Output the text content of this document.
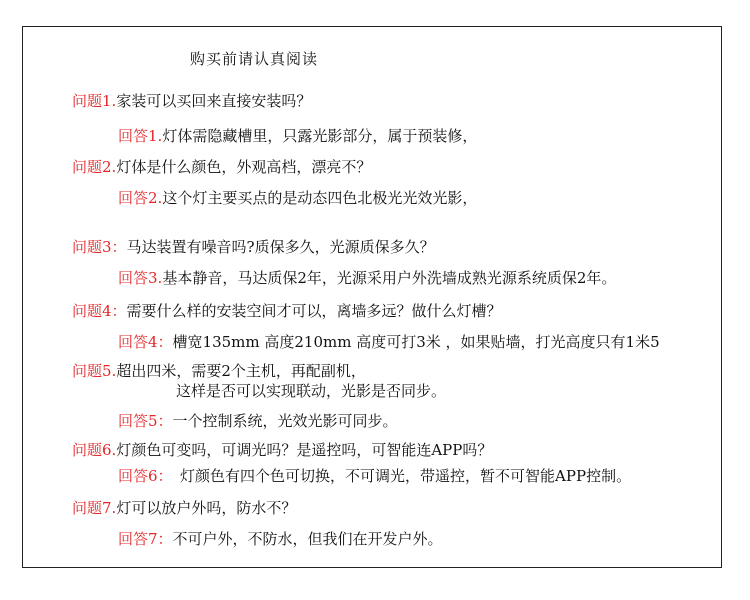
购买前请认真阅读
问题1.家装可以买回来直接安装吗？
回答1.灯体需隐藏槽里，只露光影部分，属于预装修，
问题2.灯体是什么颜色，外观高档，漂亮不？
回答2.这个灯主要买点的是动态四色北极光光效光影，
问题3：马达装置有噪音吗?质保多久，光源质保多久？
回答3.基本静音，马达质保2年，光源采用户外洗墙成熟光源系统质保2年。
问题4：需要什么样的安装空间才可以，离墙多远？做什么灯槽？
回答4：槽宽135mm 高度210mm 高度可打3米 ，如果贴墙，打光高度只有1米5
问题5.超出四米，需要2个主机，再配副机，
这样是否可以实现联动，光影是否同步。
回答5：一个控制系统，光效光影可同步。
问题6.灯颜色可变吗，可调光吗？是遥控吗，可智能连APP吗？
回答6：　灯颜色有四个色可切换，不可调光，带遥控，暂不可智能APP控制。
问题7.灯可以放户外吗，防水不？
回答7：不可户外，不防水，但我们在开发户外。
